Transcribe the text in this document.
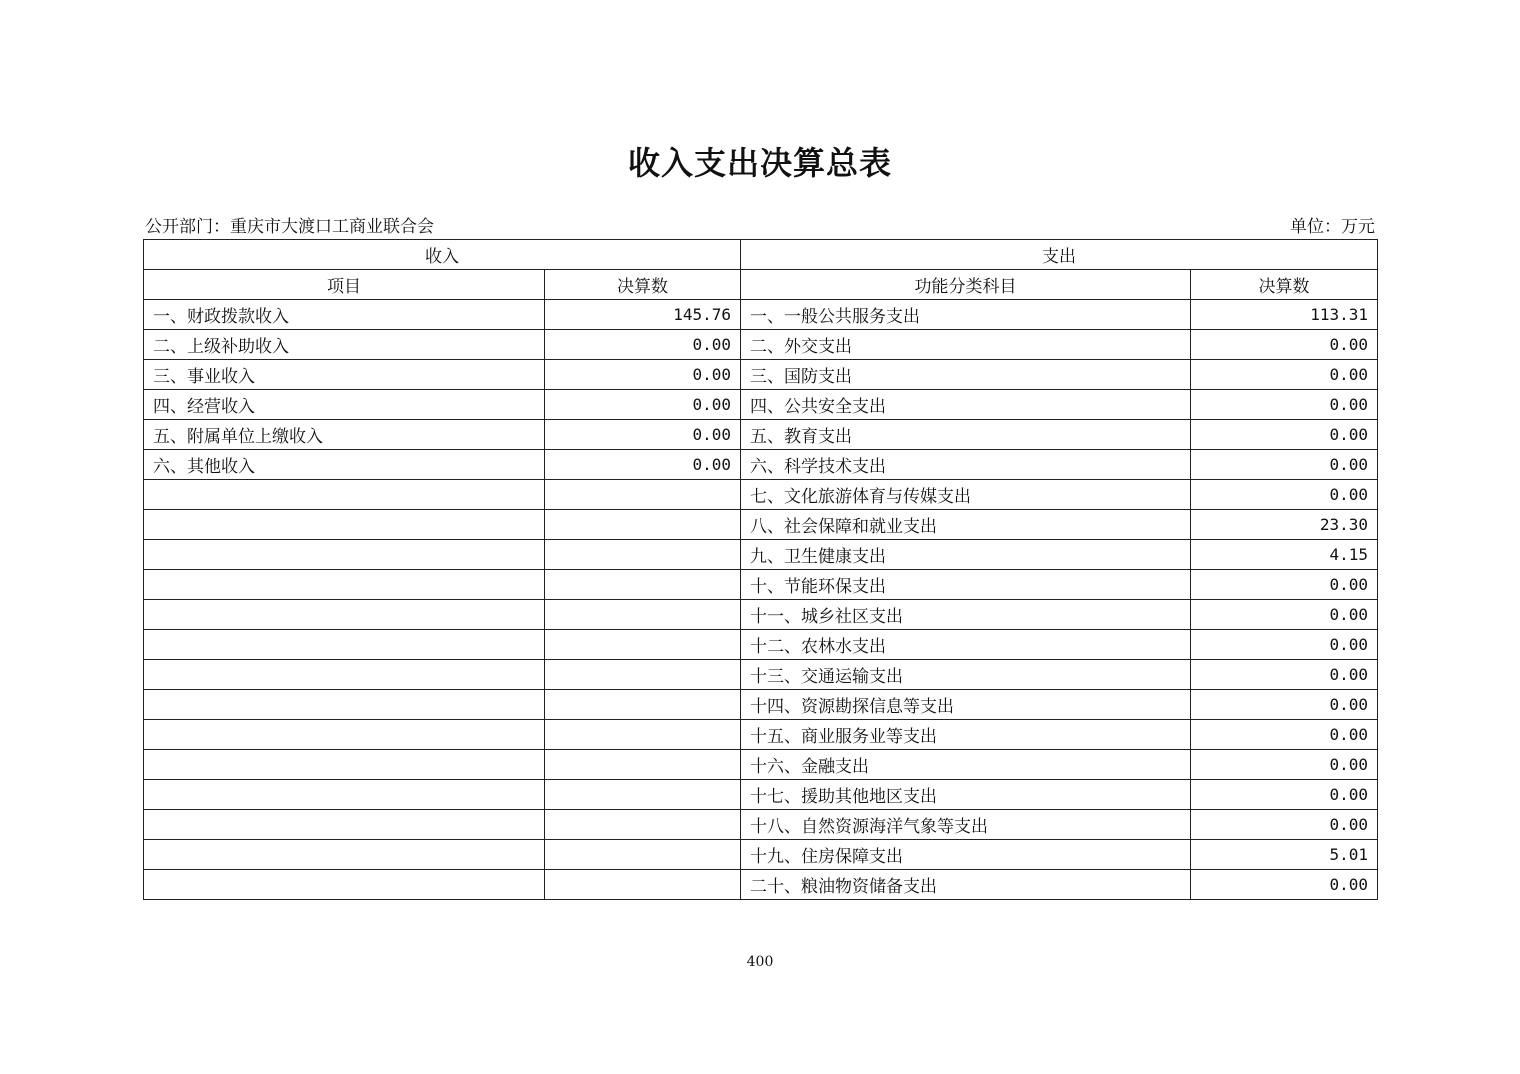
收入支出决算总表
公开部门：重庆市大渡口工商业联合会	单位：万元
收入		支出	
项目	决算数	功能分类科目	决算数
一、财政拨款收入	145.76	一、一般公共服务支出	113.31
二、上级补助收入	0.00	二、外交支出	0.00
三、事业收入	0.00	三、国防支出	0.00
四、经营收入	0.00	四、公共安全支出	0.00
五、附属单位上缴收入	0.00	五、教育支出	0.00
六、其他收入	0.00	六、科学技术支出	0.00
		七、文化旅游体育与传媒支出	0.00
		八、社会保障和就业支出	23.30
		九、卫生健康支出	4.15
		十、节能环保支出	0.00
		十一、城乡社区支出	0.00
		十二、农林水支出	0.00
		十三、交通运输支出	0.00
		十四、资源勘探信息等支出	0.00
		十五、商业服务业等支出	0.00
		十六、金融支出	0.00
		十七、援助其他地区支出	0.00
		十八、自然资源海洋气象等支出	0.00
		十九、住房保障支出	5.01
		二十、粮油物资储备支出	0.00
400
